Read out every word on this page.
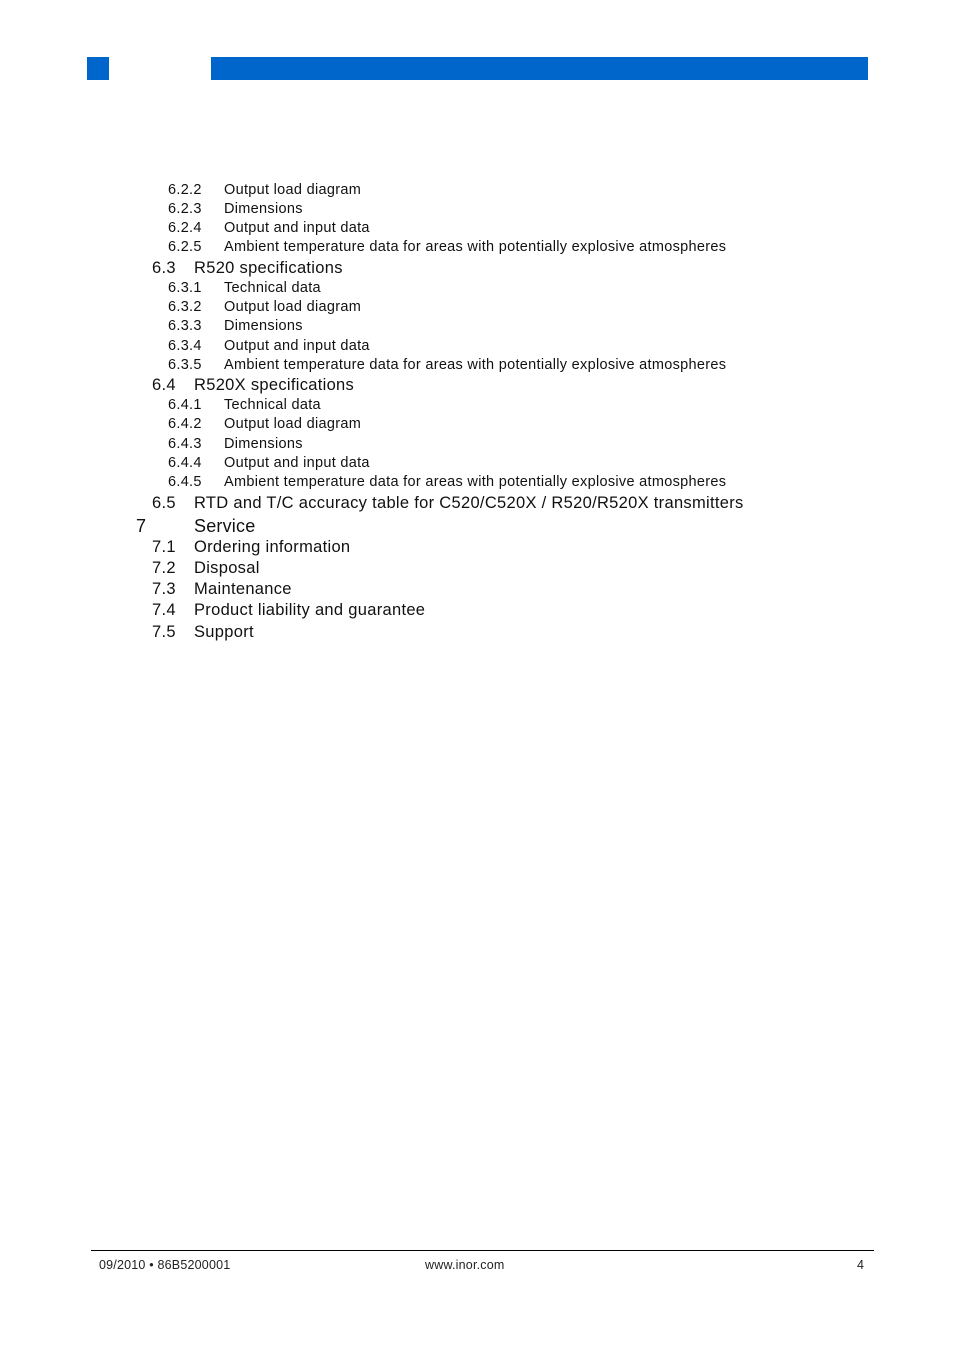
6.2.2 Output load diagram
6.2.3 Dimensions
6.2.4 Output and input data
6.2.5 Ambient temperature data for areas with potentially explosive atmospheres
6.3 R520 specifications
6.3.1 Technical data
6.3.2 Output load diagram
6.3.3 Dimensions
6.3.4 Output and input data
6.3.5 Ambient temperature data for areas with potentially explosive atmospheres
6.4 R520X specifications
6.4.1 Technical data
6.4.2 Output load diagram
6.4.3 Dimensions
6.4.4 Output and input data
6.4.5 Ambient temperature data for areas with potentially explosive atmospheres
6.5 RTD and T/C accuracy table for C520/C520X / R520/R520X transmitters
7	Service
7.1 Ordering information
7.2 Disposal
7.3 Maintenance
7.4 Product liability and guarantee
7.5 Support
09/2010 • 86B5200001	www.inor.com	4
